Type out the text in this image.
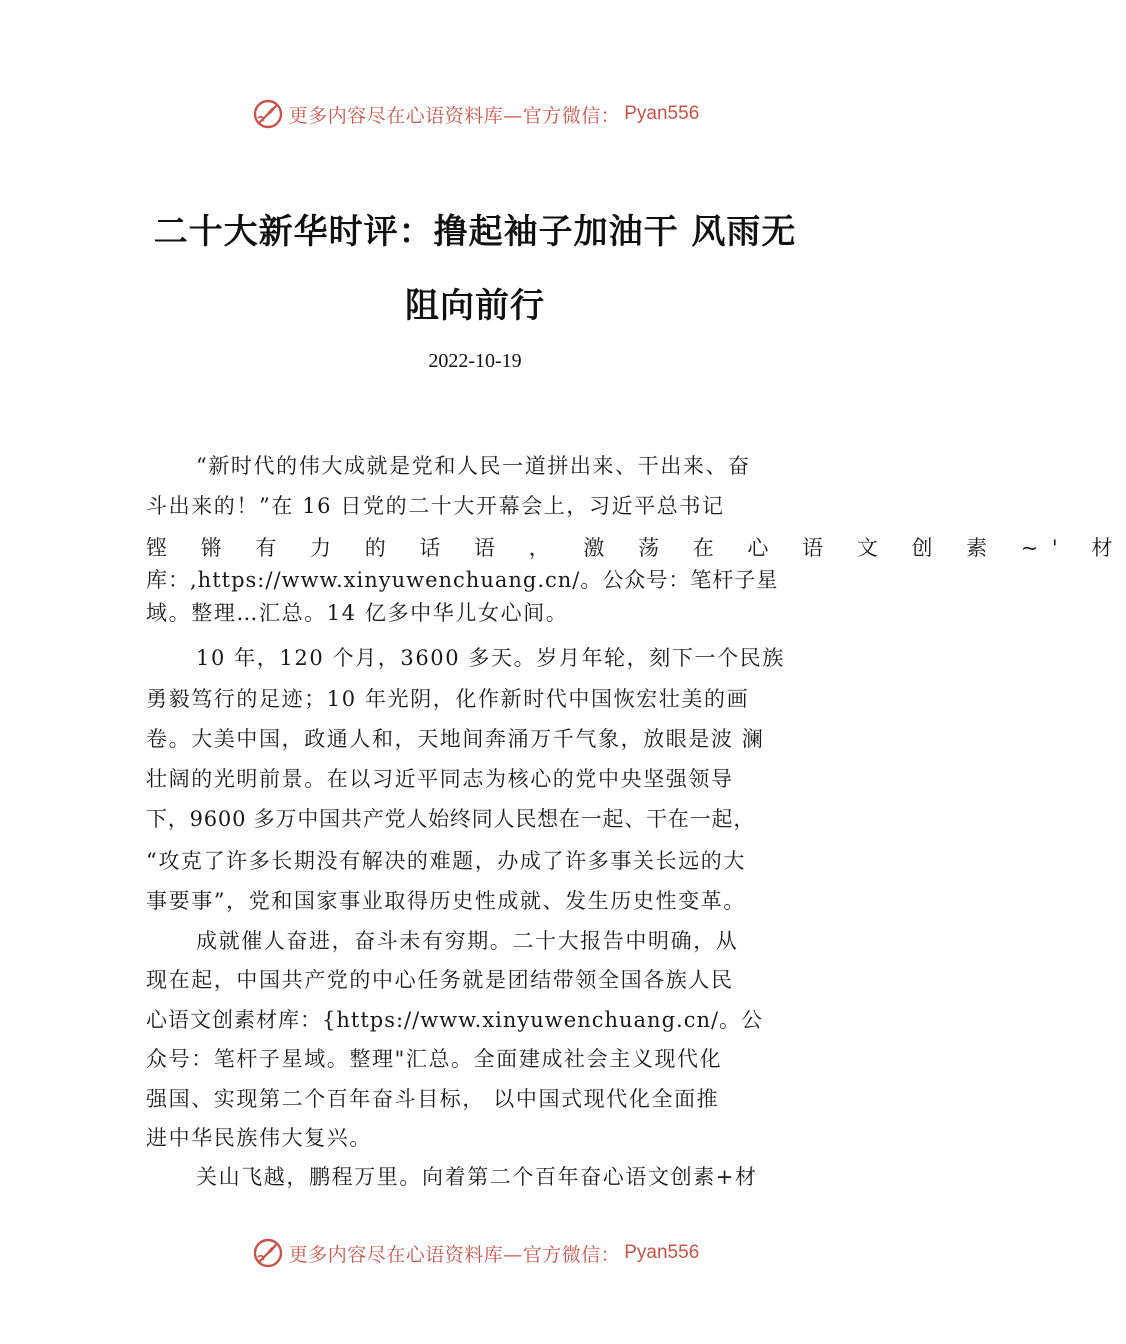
更多内容尽在心语资料库—官方微信： Pyan556
二十大新华时评：撸起袖子加油干 风雨无
阻向前行
2022-10-19
“新时代的伟大成就是党和人民一道拼出来、干出来、奋
斗出来的！”在 16 日党的二十大开幕会上，习近平总书记
铿 锵 有 力 的 话 语 ， 激 荡 在 心 语 文 创 素 ~' 材
库：,https://www.xinyuwenchuang.cn/。公众号：笔杆子星
域。整理…汇总。14 亿多中华儿女心间。
10 年，120 个月，3600 多天。岁月年轮，刻下一个民族
勇毅笃行的足迹；10 年光阴，化作新时代中国恢宏壮美的画
卷。大美中国，政通人和，天地间奔涌万千气象，放眼是波 澜
壮阔的光明前景。在以习近平同志为核心的党中央坚强领导
下，9600 多万中国共产党人始终同人民想在一起、干在一起，
“攻克了许多长期没有解决的难题，办成了许多事关长远的大
事要事”，党和国家事业取得历史性成就、发生历史性变革。
成就催人奋进，奋斗未有穷期。二十大报告中明确，从
现在起，中国共产党的中心任务就是团结带领全国各族人民
心语文创素材库：{https://www.xinyuwenchuang.cn/。公
众号：笔杆子星域。整理"汇总。全面建成社会主义现代化
强国、实现第二个百年奋斗目标， 以中国式现代化全面推
进中华民族伟大复兴。
关山飞越，鹏程万里。向着第二个百年奋心语文创素+材
更多内容尽在心语资料库—官方微信： Pyan556
